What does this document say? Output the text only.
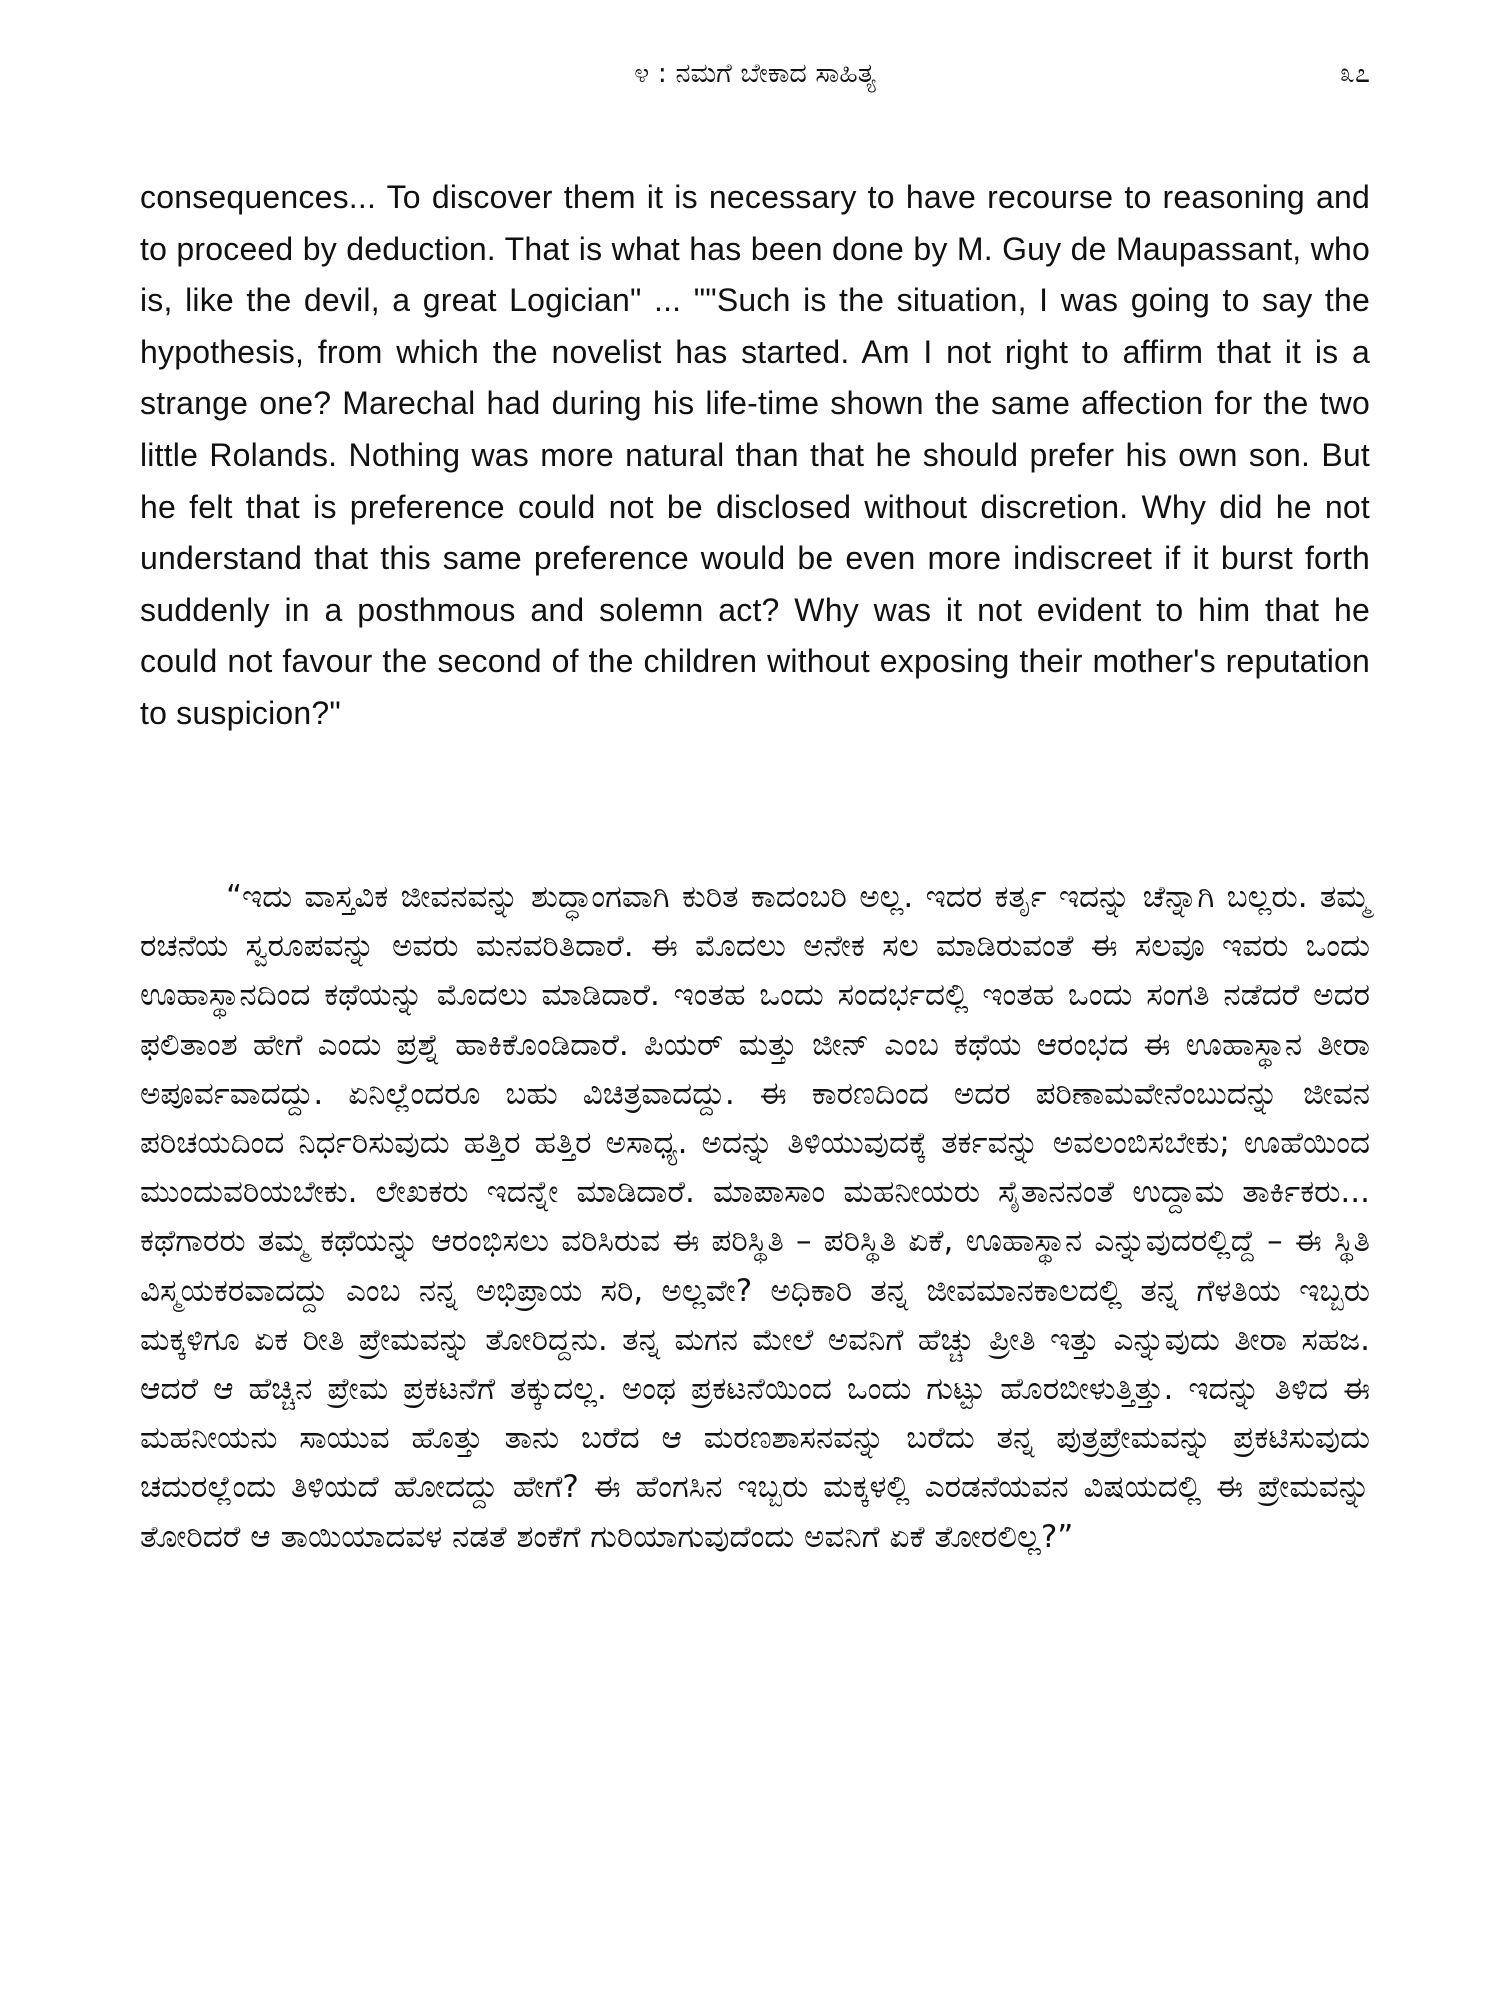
೪ : ನಮಗೆ ಬೇಕಾದ ಸಾಹಿತ್ಯ	೩೭

consequences... To discover them it is necessary to have recourse to reasoning and to proceed by deduction. That is what has been done by M. Guy de Maupassant, who is, like the devil, a great Logician" ... ""Such is the situation, I was going to say the hypothesis, from which the novelist has started. Am I not right to affirm that it is a strange one? Marechal had during his life-time shown the same affection for the two little Rolands. Nothing was more natural than that he should prefer his own son. But he felt that is preference could not be disclosed without discretion. Why did he not understand that this same preference would be even more indiscreet if it burst forth suddenly in a posthmous and solemn act? Why was it not evident to him that he could not favour the second of the children without exposing their mother's reputation to suspicion?"

“ಇದು ವಾಸ್ತವಿಕ ಜೀವನವನ್ನು ಶುದ್ಧಾಂಗವಾಗಿ ಕುರಿತ ಕಾದಂಬರಿ ಅಲ್ಲ. ಇದರ ಕರ್ತೃ ಇದನ್ನು ಚೆನ್ನಾಗಿ ಬಲ್ಲರು. ತಮ್ಮ ರಚನೆಯ ಸ್ವರೂಪವನ್ನು ಅವರು ಮನವರಿತಿದಾರೆ. ಈ ಮೊದಲು ಅನೇಕ ಸಲ ಮಾಡಿರುವಂತೆ ಈ ಸಲವೂ ಇವರು ಒಂದು ಊಹಾಸ್ಥಾನದಿಂದ ಕಥೆಯನ್ನು ಮೊದಲು ಮಾಡಿದಾರೆ. ಇಂತಹ ಒಂದು ಸಂದರ್ಭದಲ್ಲಿ ಇಂತಹ ಒಂದು ಸಂಗತಿ ನಡೆದರೆ ಅದರ ಫಲಿತಾಂಶ ಹೇಗೆ ಎಂದು ಪ್ರಶ್ನೆ ಹಾಕಿಕೊಂಡಿದಾರೆ. ಪಿಯರ್ ಮತ್ತು ಜೀನ್ ಎಂಬ ಕಥೆಯ ಆರಂಭದ ಈ ಊಹಾಸ್ಥಾನ ತೀರಾ ಅಪೂರ್ವವಾದದ್ದು. ಏನಿಲ್ಲೆಂದರೂ ಬಹು ವಿಚಿತ್ರವಾದದ್ದು. ಈ ಕಾರಣದಿಂದ ಅದರ ಪರಿಣಾಮವೇನೆಂಬುದನ್ನು ಜೀವನ ಪರಿಚಯದಿಂದ ನಿರ್ಧರಿಸುವುದು ಹತ್ತಿರ ಹತ್ತಿರ ಅಸಾಧ್ಯ. ಅದನ್ನು ತಿಳಿಯುವುದಕ್ಕೆ ತರ್ಕವನ್ನು ಅವಲಂಬಿಸಬೇಕು; ಊಹೆಯಿಂದ ಮುಂದುವರಿಯಬೇಕು. ಲೇಖಕರು ಇದನ್ನೇ ಮಾಡಿದಾರೆ. ಮಾಪಾಸಾಂ ಮಹನೀಯರು ಸೈತಾನನಂತೆ ಉದ್ದಾಮ ತಾರ್ಕಿಕರು... ಕಥೆಗಾರರು ತಮ್ಮ ಕಥೆಯನ್ನು ಆರಂಭಿಸಲು ವರಿಸಿರುವ ಈ ಪರಿಸ್ಥಿತಿ – ಪರಿಸ್ಥಿತಿ ಏಕೆ, ಊಹಾಸ್ಥಾನ ಎನ್ನುವುದರಲ್ಲಿದ್ದೆ – ಈ ಸ್ಥಿತಿ ವಿಸ್ಮಯಕರವಾದದ್ದು ಎಂಬ ನನ್ನ ಅಭಿಪ್ರಾಯ ಸರಿ, ಅಲ್ಲವೇ? ಅಧಿಕಾರಿ ತನ್ನ ಜೀವಮಾನಕಾಲದಲ್ಲಿ ತನ್ನ ಗೆಳತಿಯ ಇಬ್ಬರು ಮಕ್ಕಳಿಗೂ ಏಕ ರೀತಿ ಪ್ರೇಮವನ್ನು ತೋರಿದ್ದನು. ತನ್ನ ಮಗನ ಮೇಲೆ ಅವನಿಗೆ ಹೆಚ್ಚು ಪ್ರೀತಿ ಇತ್ತು ಎನ್ನುವುದು ತೀರಾ ಸಹಜ. ಆದರೆ ಆ ಹೆಚ್ಚಿನ ಪ್ರೇಮ ಪ್ರಕಟನೆಗೆ ತಕ್ಕುದಲ್ಲ. ಅಂಥ ಪ್ರಕಟನೆಯಿಂದ ಒಂದು ಗುಟ್ಟು ಹೊರಬೀಳುತ್ತಿತ್ತು. ಇದನ್ನು ತಿಳಿದ ಈ ಮಹನೀಯನು ಸಾಯುವ ಹೊತ್ತು ತಾನು ಬರೆದ ಆ ಮರಣಶಾಸನವನ್ನು ಬರೆದು ತನ್ನ ಪುತ್ರಪ್ರೇಮವನ್ನು ಪ್ರಕಟಿಸುವುದು ಚದುರಲ್ಲೆಂದು ತಿಳಿಯದೆ ಹೋದದ್ದು ಹೇಗೆ? ಈ ಹೆಂಗಸಿನ ಇಬ್ಬರು ಮಕ್ಕಳಲ್ಲಿ ಎರಡನೆಯವನ ವಿಷಯದಲ್ಲಿ ಈ ಪ್ರೇಮವನ್ನು ತೋರಿದರೆ ಆ ತಾಯಿಯಾದವಳ ನಡತೆ ಶಂಕೆಗೆ ಗುರಿಯಾಗುವುದೆಂದು ಅವನಿಗೆ ಏಕೆ ತೋರಲಿಲ್ಲ?”
